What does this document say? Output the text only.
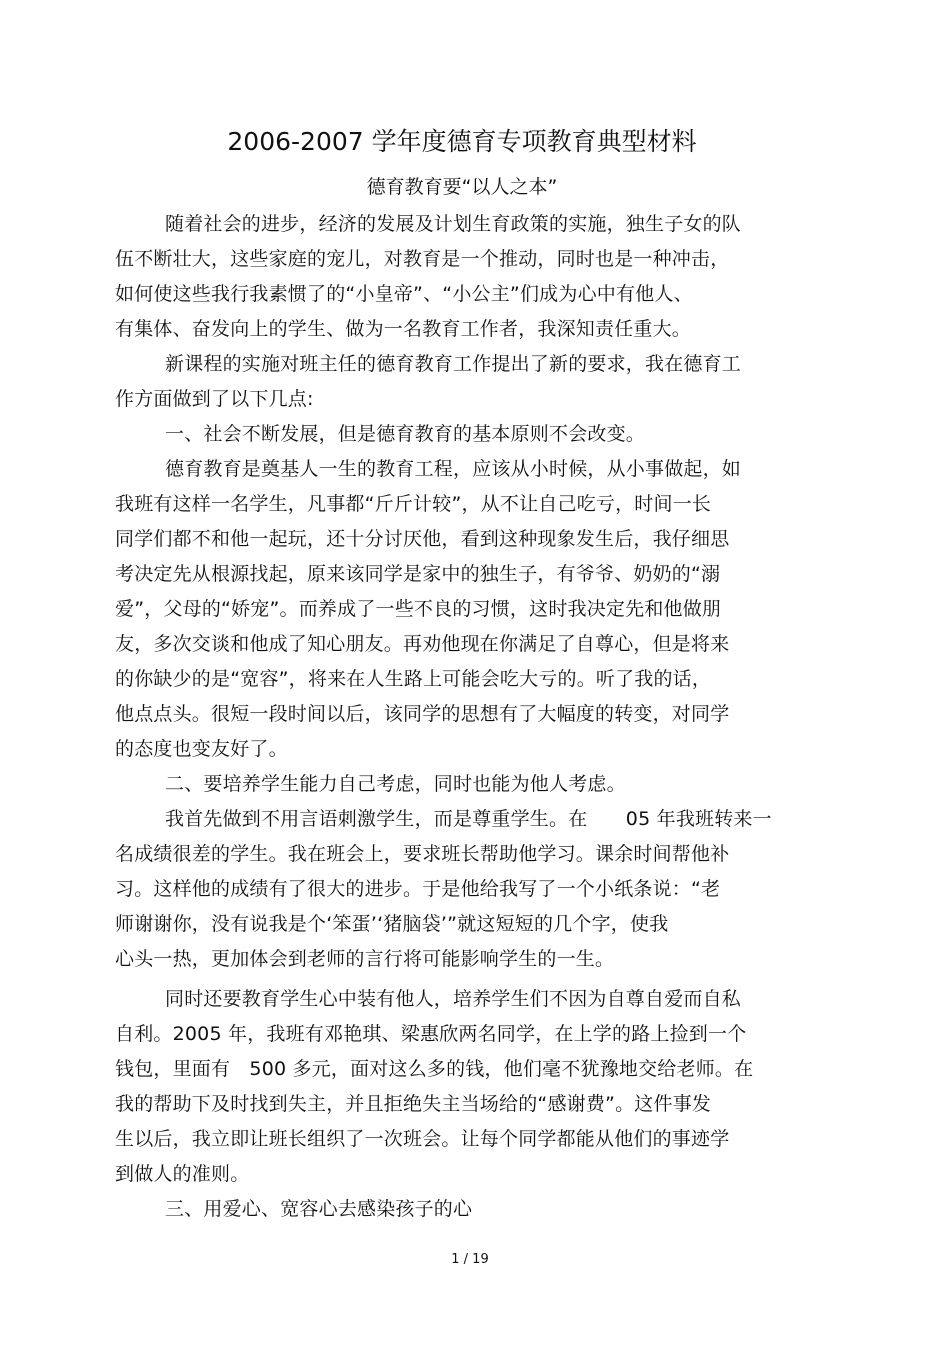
2006-2007 学年度德育专项教育典型材料
德育教育要“以人之本”
随着社会的进步，经济的发展及计划生育政策的实施，独生子女的队
伍不断壮大，这些家庭的宠儿，对教育是一个推动，同时也是一种冲击，
如何使这些我行我素惯了的“小皇帝”、“小公主”们成为心中有他人、
有集体、奋发向上的学生、做为一名教育工作者，我深知责任重大。
新课程的实施对班主任的德育教育工作提出了新的要求，我在德育工
作方面做到了以下几点:
一、社会不断发展，但是德育教育的基本原则不会改变。
德育教育是奠基人一生的教育工程，应该从小时候，从小事做起，如
我班有这样一名学生，凡事都“斤斤计较”，从不让自己吃亏，时间一长
同学们都不和他一起玩，还十分讨厌他，看到这种现象发生后，我仔细思
考决定先从根源找起，原来该同学是家中的独生子，有爷爷、奶奶的“溺
爱”，父母的“娇宠”。而养成了一些不良的习惯，这时我决定先和他做朋
友，多次交谈和他成了知心朋友。再劝他现在你满足了自尊心，但是将来
的你缺少的是“宽容”，将来在人生路上可能会吃大亏的。听了我的话，
他点点头。很短一段时间以后，该同学的思想有了大幅度的转变，对同学
的态度也变友好了。
二、要培养学生能力自己考虑，同时也能为他人考虑。
我首先做到不用言语刺激学生，而是尊重学生。在　　05 年我班转来一
名成绩很差的学生。我在班会上，要求班长帮助他学习。课余时间帮他补
习。这样他的成绩有了很大的进步。于是他给我写了一个小纸条说：“老
师谢谢你，没有说我是个‘笨蛋’‘猪脑袋’”就这短短的几个字，使我
心头一热，更加体会到老师的言行将可能影响学生的一生。
同时还要教育学生心中装有他人，培养学生们不因为自尊自爱而自私
自利。2005 年，我班有邓艳琪、梁惠欣两名同学，在上学的路上捡到一个
钱包，里面有　500 多元，面对这么多的钱，他们毫不犹豫地交给老师。在
我的帮助下及时找到失主，并且拒绝失主当场给的“感谢费”。这件事发
生以后，我立即让班长组织了一次班会。让每个同学都能从他们的事迹学
到做人的准则。
三、用爱心、宽容心去感染孩子的心
1 / 19
